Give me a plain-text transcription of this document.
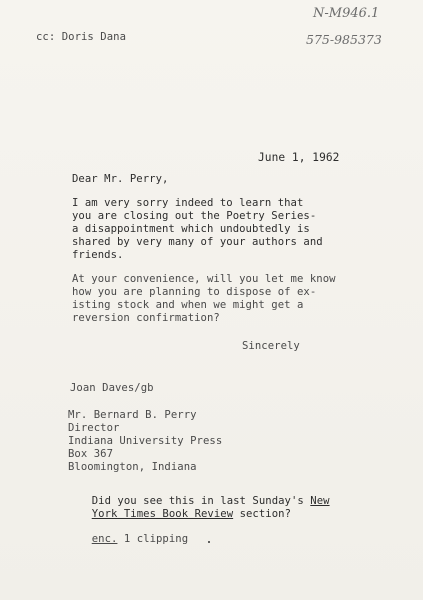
cc: Doris Dana
N-M946.1
575-985373
June 1, 1962
Dear Mr. Perry,
I am very sorry indeed to learn that
you are closing out the Poetry Series-
a disappointment which undoubtedly is
shared by very many of your authors and
friends.
At your convenience, will you let me know
how you are planning to dispose of ex-
isting stock and when we might get a
reversion confirmation?
Sincerely
Joan Daves/gb
Mr. Bernard B. Perry
Director
Indiana University Press
Box 367
Bloomington, Indiana

Did you see this in last Sunday's New

York Times Book Review section?

enc. 1 clipping
